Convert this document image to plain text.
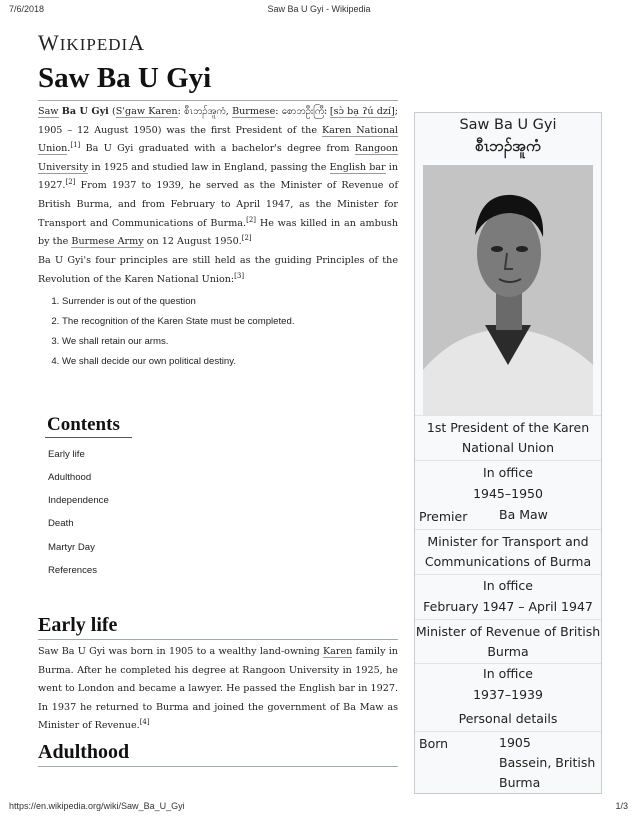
7/6/2018	Saw Ba U Gyi - Wikipedia
WIKIPEDIA
Saw Ba U Gyi

Saw Ba U Gyi (S'gaw Karen: စီၤဘၣ်အူကံ, Burmese: စောဘဦးကြီး [sɔ̀ bạ ʔú dzí]; 1905 – 12 August 1950) was the first President of the Karen National Union.[1] Ba U Gyi graduated with a bachelor's degree from Rangoon University in 1925 and studied law in England, passing the English bar in 1927.[2] From 1937 to 1939, he served as the Minister of Revenue of British Burma, and from February to April 1947, as the Minister for Transport and Communications of Burma.[2] He was killed in an ambush by the Burmese Army on 12 August 1950.[2]

Ba U Gyi's four principles are still held as the guiding Principles of the Revolution of the Karen National Union:[3]

1. Surrender is out of the question
2. The recognition of the Karen State must be completed.
3. We shall retain our arms.
4. We shall decide our own political destiny.
Contents
Early life
Adulthood
Independence
Death
Martyr Day
References
Early life

Saw Ba U Gyi was born in 1905 to a wealthy land-owning Karen family in Burma. After he completed his degree at Rangoon University in 1925, he went to London and became a lawyer. He passed the English bar in 1927. In 1937 he returned to Burma and joined the government of Ba Maw as Minister of Revenue.[4]

Adulthood
Saw Ba U Gyi
စီၤဘၣ်အူကံ
1st President of the Karen National Union
In office
1945–1950
Premier	Ba Maw
Minister for Transport and Communications of Burma
In office
February 1947 – April 1947
Minister of Revenue of British Burma
In office
1937–1939
Personal details
Born	1905
Bassein, British Burma
https://en.wikipedia.org/wiki/Saw_Ba_U_Gyi	1/3
